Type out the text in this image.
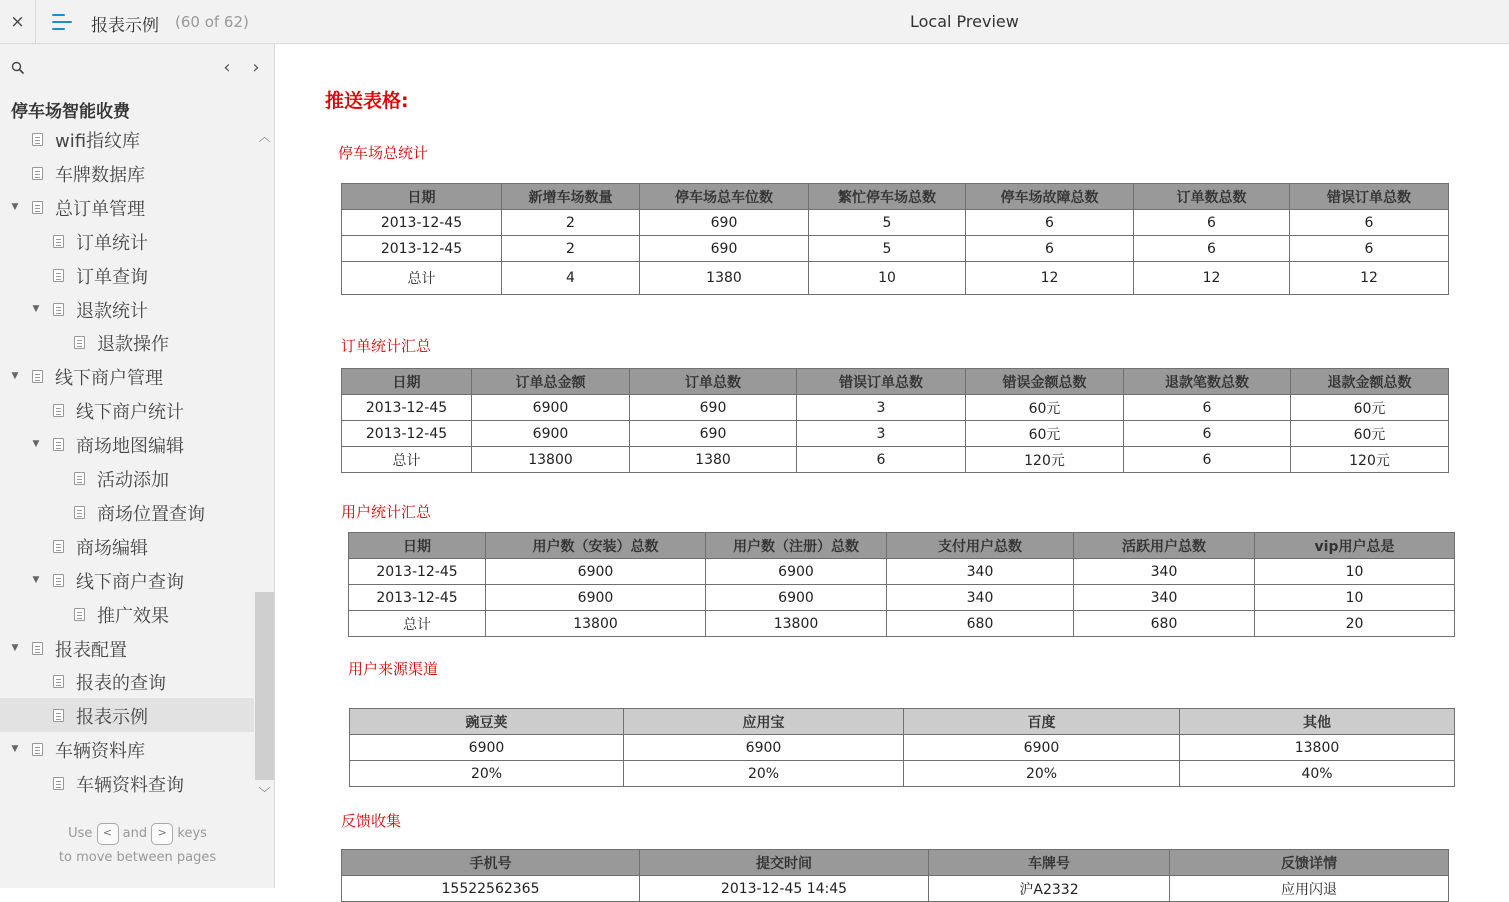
×	报表示例 (60 of 62)	Local Preview
‹ ›
停车场智能收费
wifi指纹库
车牌数据库
▼ 总订单管理
订单统计
订单查询
▼ 退款统计
退款操作
▼ 线下商户管理
线下商户统计
▼ 商场地图编辑
活动添加
商场位置查询
商场编辑
▼ 线下商户查询
推广效果
▼ 报表配置
报表的查询
报表示例
▼ 车辆资料库
车辆资料查询
︿
﹀
Use < and > keys
to move between pages
推送表格:
停车场总统计
日期	新增车场数量	停车场总车位数	繁忙停车场总数	停车场故障总数	订单数总数	错误订单总数
2013-12-45	2	690	5	6	6	6
2013-12-45	2	690	5	6	6	6
总计	4	1380	10	12	12	12
订单统计汇总
日期	订单总金额	订单总数	错误订单总数	错误金额总数	退款笔数总数	退款金额总数
2013-12-45	6900	690	3	60元	6	60元
2013-12-45	6900	690	3	60元	6	60元
总计	13800	1380	6	120元	6	120元
用户统计汇总
日期	用户数（安装）总数	用户数（注册）总数	支付用户总数	活跃用户总数	vip用户总是
2013-12-45	6900	6900	340	340	10
2013-12-45	6900	6900	340	340	10
总计	13800	13800	680	680	20
用户来源渠道
豌豆荚	应用宝	百度	其他
6900	6900	6900	13800
20%	20%	20%	40%
反馈收集
手机号	提交时间	车牌号	反馈详情
15522562365	2013-12-45 14:45	沪A2332	应用闪退
